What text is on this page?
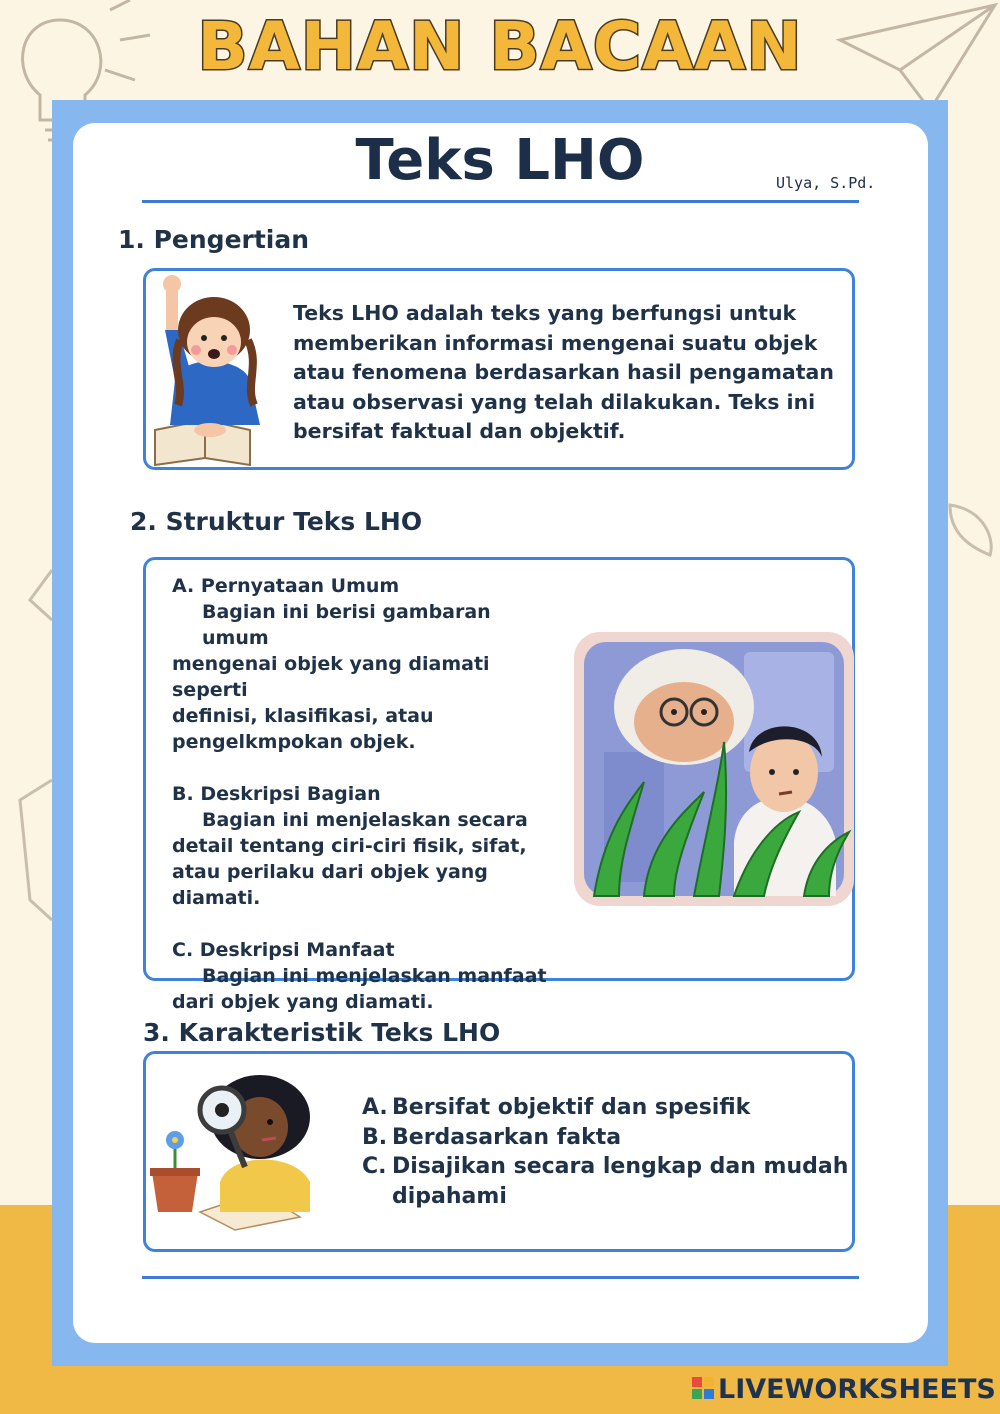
BAHAN BACAAN
Teks LHO	Ulya, S.Pd.
1. Pengertian
Teks LHO adalah teks yang berfungsi untuk
memberikan informasi mengenai suatu objek
atau fenomena berdasarkan hasil pengamatan
atau observasi yang telah dilakukan. Teks ini
bersifat faktual dan objektif.
2. Struktur Teks LHO
A. Pernyataan Umum
Bagian ini berisi gambaran umum
mengenai objek yang diamati seperti
definisi, klasifikasi, atau
pengelkmpokan objek.
B. Deskripsi Bagian
Bagian ini menjelaskan secara
detail tentang ciri-ciri fisik, sifat,
atau perilaku dari objek yang
diamati.
C. Deskripsi Manfaat
Bagian ini menjelaskan manfaat
dari objek yang diamati.
3. Karakteristik Teks LHO
A. Bersifat objektif dan spesifik
B. Berdasarkan fakta
C. Disajikan secara lengkap dan mudah
dipahami
LIVEWORKSHEETS
